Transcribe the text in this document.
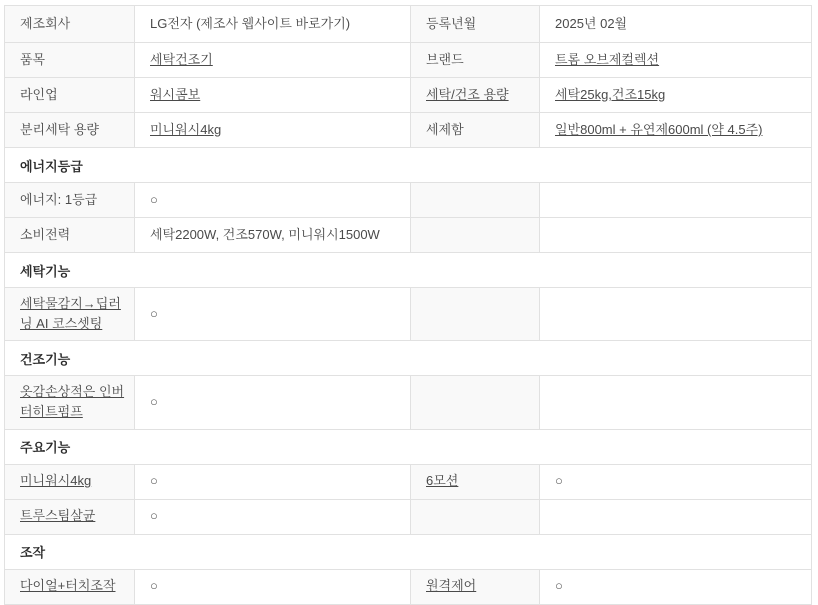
제조회사	LG전자 (제조사 웹사이트 바로가기)	등록년월	2025년 02월
품목	세탁건조기	브랜드	트롬 오브제컬렉션
라인업	워시콤보	세탁/건조 용량	세탁25kg,건조15kg
분리세탁 용량	미니워시4kg	세제함	일반800ml + 유연제600ml (약 4.5주)
에너지등급			
에너지: 1등급	○		
소비전력	세탁2200W, 건조570W, 미니워시1500W		
세탁기능			
세탁물감지→딥러닝 AI 코스셋팅	○		
건조기능			
옷감손상적은 인버터히트펌프	○		
주요기능			
미니워시4kg	○	6모션	○
트루스팀살균	○		
조작			
다이얼+터치조작	○	원격제어	○
